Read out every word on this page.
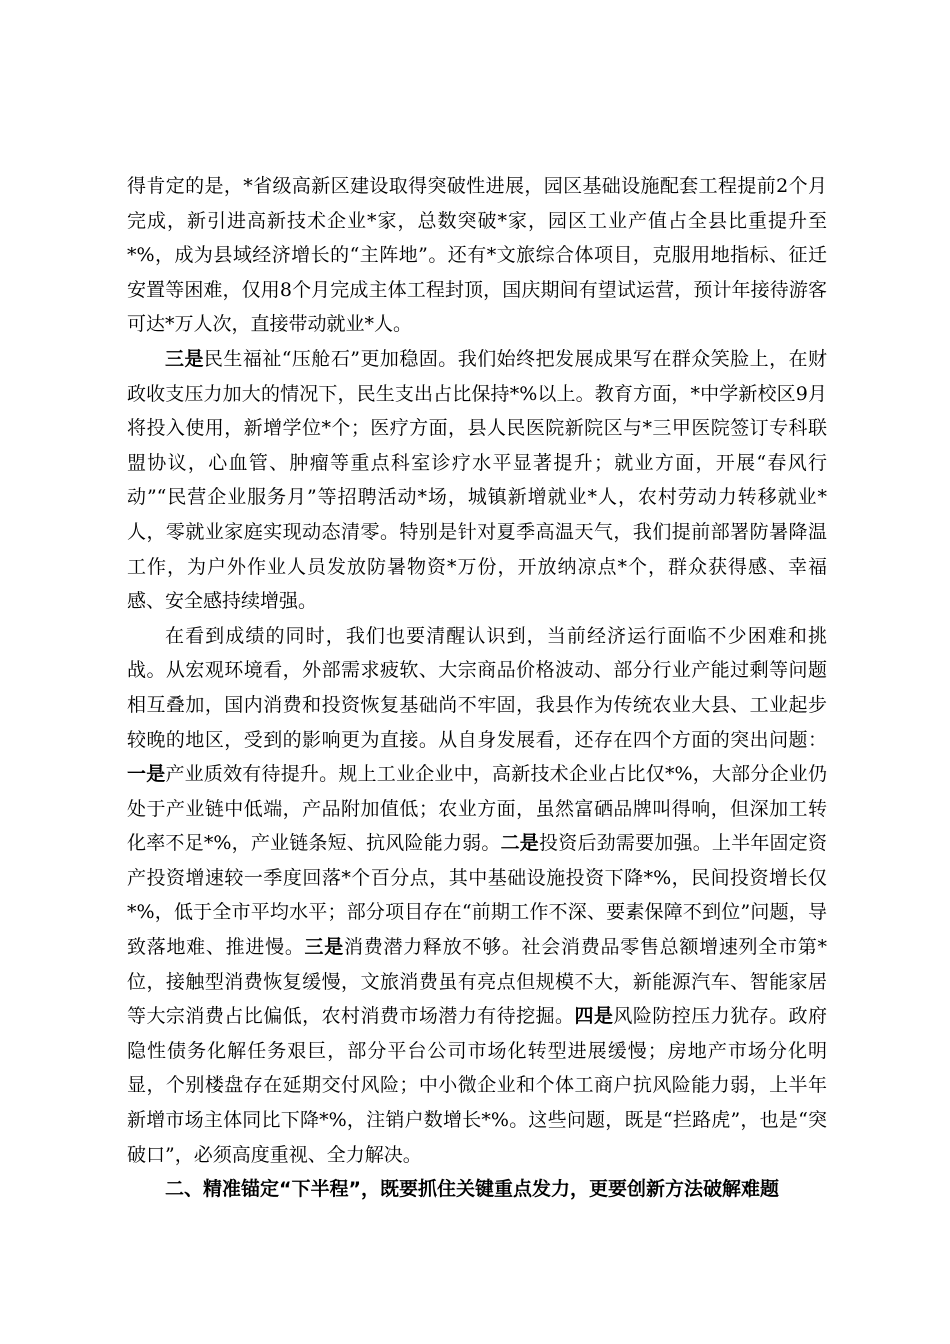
得肯定的是，*省级高新区建设取得突破性进展，园区基础设施配套工程提前2个月完成，新引进高新技术企业*家，总数突破*家，园区工业产值占全县比重提升至*%，成为县域经济增长的“主阵地”。还有*文旅综合体项目，克服用地指标、征迁安置等困难，仅用8个月完成主体工程封顶，国庆期间有望试运营，预计年接待游客可达*万人次，直接带动就业*人。

三是民生福祉“压舱石”更加稳固。我们始终把发展成果写在群众笑脸上，在财政收支压力加大的情况下，民生支出占比保持*%以上。教育方面，*中学新校区9月将投入使用，新增学位*个；医疗方面，县人民医院新院区与*三甲医院签订专科联盟协议，心血管、肿瘤等重点科室诊疗水平显著提升；就业方面，开展“春风行动”“民营企业服务月”等招聘活动*场，城镇新增就业*人，农村劳动力转移就业*人，零就业家庭实现动态清零。特别是针对夏季高温天气，我们提前部署防暑降温工作，为户外作业人员发放防暑物资*万份，开放纳凉点*个，群众获得感、幸福感、安全感持续增强。

在看到成绩的同时，我们也要清醒认识到，当前经济运行面临不少困难和挑战。从宏观环境看，外部需求疲软、大宗商品价格波动、部分行业产能过剩等问题相互叠加，国内消费和投资恢复基础尚不牢固，我县作为传统农业大县、工业起步较晚的地区，受到的影响更为直接。从自身发展看，还存在四个方面的突出问题：一是产业质效有待提升。规上工业企业中，高新技术企业占比仅*%，大部分企业仍处于产业链中低端，产品附加值低；农业方面，虽然富硒品牌叫得响，但深加工转化率不足*%，产业链条短、抗风险能力弱。二是投资后劲需要加强。上半年固定资产投资增速较一季度回落*个百分点，其中基础设施投资下降*%，民间投资增长仅*%，低于全市平均水平；部分项目存在“前期工作不深、要素保障不到位”问题，导致落地难、推进慢。三是消费潜力释放不够。社会消费品零售总额增速列全市第*位，接触型消费恢复缓慢，文旅消费虽有亮点但规模不大，新能源汽车、智能家居等大宗消费占比偏低，农村消费市场潜力有待挖掘。四是风险防控压力犹存。政府隐性债务化解任务艰巨，部分平台公司市场化转型进展缓慢；房地产市场分化明显，个别楼盘存在延期交付风险；中小微企业和个体工商户抗风险能力弱，上半年新增市场主体同比下降*%，注销户数增长*%。这些问题，既是“拦路虎”，也是“突破口”，必须高度重视、全力解决。

二、精准锚定“下半程”，既要抓住关键重点发力，更要创新方法破解难题
